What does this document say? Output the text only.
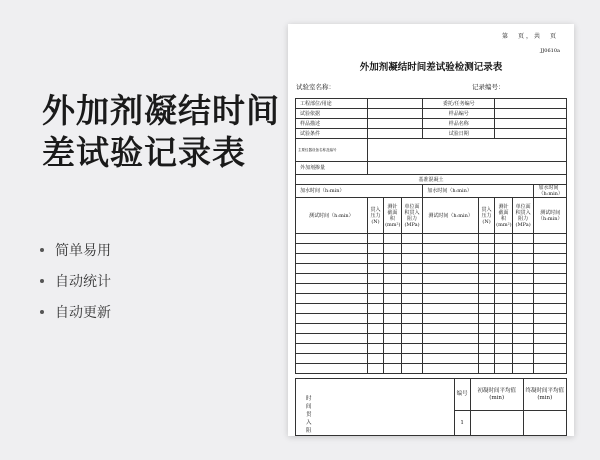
外加剂凝结时间
差试验记录表
简单易用
自动统计
自动更新
第　页，共　页
JJ0610a
外加剂凝结时间差试验检测记录表
试验室名称：	记录编号：
工程部位/用途				委托/任务编号				
试验依据				样品编号				
样品描述				样品名称				
试验条件				试验日期				
主要仪器设备名称及编号								
外加剂掺量								
基准混凝土								
加水时间（h:min）				加水时间（h:min）				加水时间（h:min）
测试时间（h:min）	贯入压力(N)	测针截面积(mm²)	单位面积贯入阻力(MPa)	测试时间（h:min）	贯入压力(N)	测针截面积(mm²)	单位面积贯入阻力(MPa)	测试时间（h:min）

时间贯入阻	编号	初凝时间平均值(min)	终凝时间平均值(min)
	1		
